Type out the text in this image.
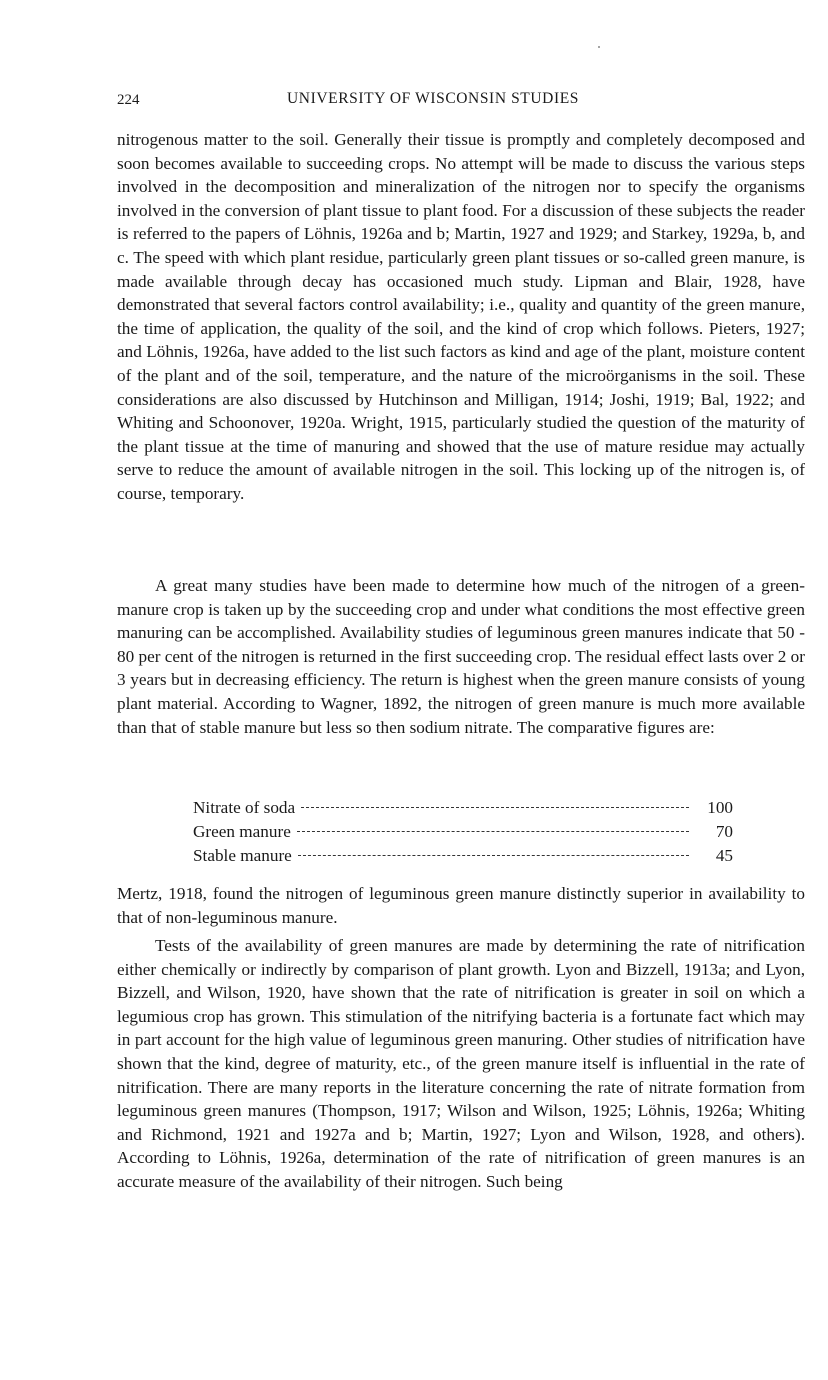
224	UNIVERSITY OF WISCONSIN STUDIES

nitrogenous matter to the soil. Generally their tissue is promptly and completely decomposed and soon becomes available to succeeding crops. No attempt will be made to discuss the various steps involved in the decomposition and mineralization of the nitrogen nor to specify the organisms involved in the conversion of plant tissue to plant food. For a discussion of these subjects the reader is referred to the papers of Löhnis, 1926a and b; Martin, 1927 and 1929; and Starkey, 1929a, b, and c. The speed with which plant residue, particularly green plant tissues or so-called green manure, is made available through decay has occasioned much study. Lipman and Blair, 1928, have demonstrated that several factors control availability; i.e., quality and quantity of the green manure, the time of application, the quality of the soil, and the kind of crop which follows. Pieters, 1927; and Löhnis, 1926a, have added to the list such factors as kind and age of the plant, moisture content of the plant and of the soil, temperature, and the nature of the microörganisms in the soil. These considerations are also discussed by Hutchinson and Milligan, 1914; Joshi, 1919; Bal, 1922; and Whiting and Schoonover, 1920a. Wright, 1915, particularly studied the question of the maturity of the plant tissue at the time of manuring and showed that the use of mature residue may actually serve to reduce the amount of available nitrogen in the soil. This locking up of the nitrogen is, of course, temporary.

A great many studies have been made to determine how much of the nitrogen of a green-manure crop is taken up by the succeeding crop and under what conditions the most effective green manuring can be accomplished. Availability studies of leguminous green manures indicate that 50 - 80 per cent of the nitrogen is returned in the first succeeding crop. The residual effect lasts over 2 or 3 years but in decreasing efficiency. The return is highest when the green manure consists of young plant material. According to Wagner, 1892, the nitrogen of green manure is much more available than that of stable manure but less so then sodium nitrate. The comparative figures are:

Nitrate of soda	100
Green manure	70
Stable manure	45

Mertz, 1918, found the nitrogen of leguminous green manure distinctly superior in availability to that of non-leguminous manure.

Tests of the availability of green manures are made by determining the rate of nitrification either chemically or indirectly by comparison of plant growth. Lyon and Bizzell, 1913a; and Lyon, Bizzell, and Wilson, 1920, have shown that the rate of nitrification is greater in soil on which a legumious crop has grown. This stimulation of the nitrifying bacteria is a fortunate fact which may in part account for the high value of leguminous green manuring. Other studies of nitrification have shown that the kind, degree of maturity, etc., of the green manure itself is influential in the rate of nitrification. There are many reports in the literature concerning the rate of nitrate formation from leguminous green manures (Thompson, 1917; Wilson and Wilson, 1925; Löhnis, 1926a; Whiting and Richmond, 1921 and 1927a and b; Martin, 1927; Lyon and Wilson, 1928, and others). According to Löhnis, 1926a, determination of the rate of nitrification of green manures is an accurate measure of the availability of their nitrogen. Such being
